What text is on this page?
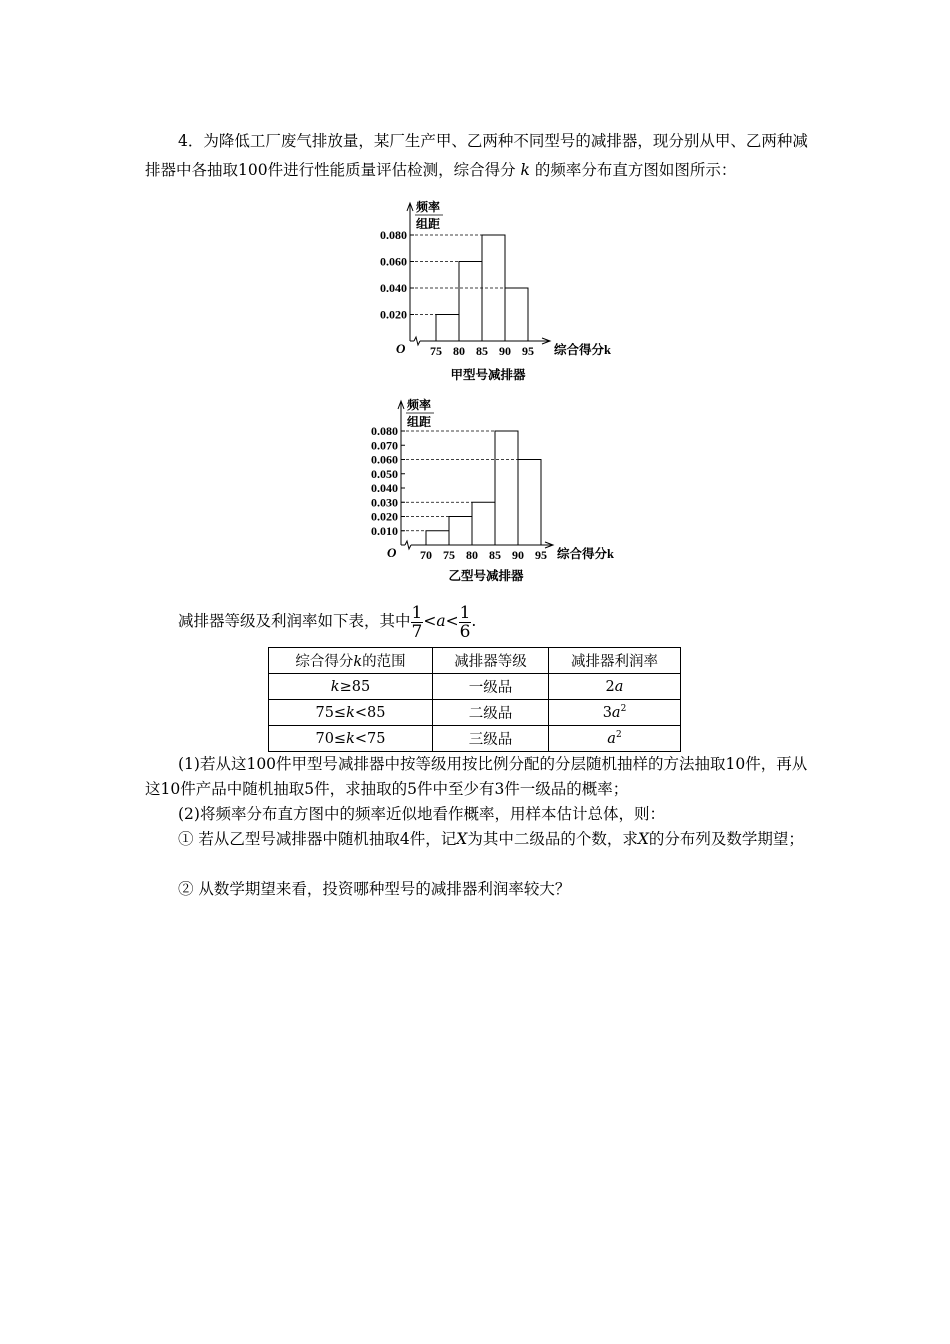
4．为降低工厂废气排放量，某厂生产甲、乙两种不同型号的减排器，现分别从甲、乙两种减排器中各抽取100件进行性能质量评估检测，综合得分 k 的频率分布直方图如图所示：
频率
组距
O
0.020
0.040
0.060
0.080
75 80 85 90 95 综合得分k
甲型号减排器
频率
组距
O
0.010
0.020
0.030
0.040
0.050
0.060
0.070
0.080
70 75 80 85 90 95 综合得分k
乙型号减排器
减排器等级及利润率如下表，其中 $\frac{1}{7} <a< \frac{1}{6}$ .
综合得分k的范围	减排器等级	减排器利润率
k≥85	一级品	2a
75≤k<85	二级品	$3a^2$
70≤k<75	三级品	$a^2$
(1)若从这100件甲型号减排器中按等级用按比例分配的分层随机抽样的方法抽取10件，再从这10件产品中随机抽取5件，求抽取的5件中至少有3件一级品的概率；
(2)将频率分布直方图中的频率近似地看作概率，用样本估计总体，则：
① 若从乙型号减排器中随机抽取4件，记X为其中二级品的个数，求X的分布列及数学期望；
② 从数学期望来看，投资哪种型号的减排器利润率较大？
